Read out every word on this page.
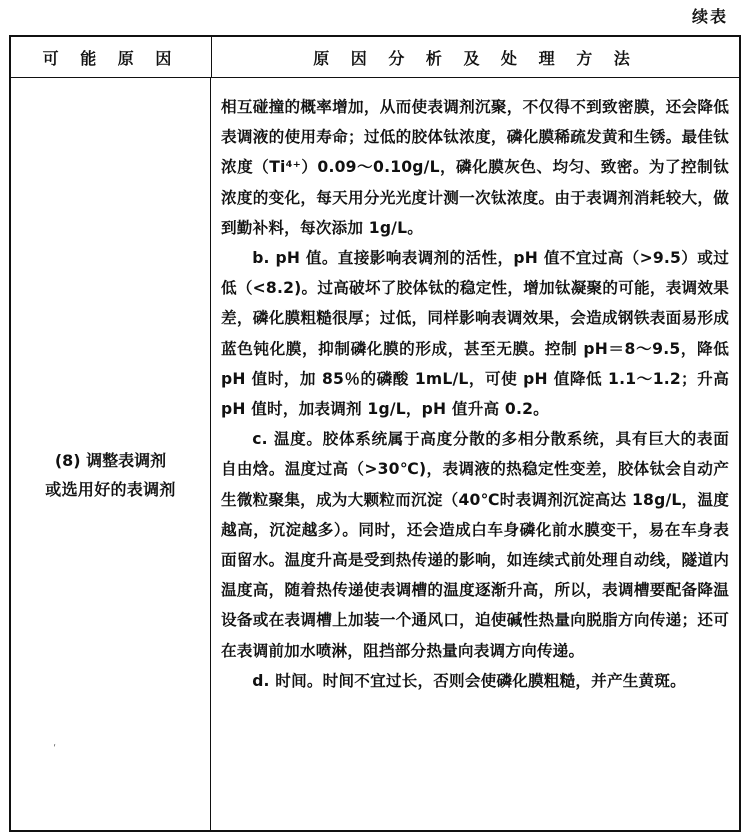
续表
可 能 原 因	原 因 分 析 及 处 理 方 法
(8) 调整表调剂
或选用好的表调剂

相互碰撞的概率增加，从而使表调剂沉聚，不仅得不到致密膜，还会降低表调液的使用寿命；过低的胶体钛浓度，磷化膜稀疏发黄和生锈。最佳钛浓度（Ti⁴⁺）0.09～0.10g/L，磷化膜灰色、均匀、致密。为了控制钛浓度的变化，每天用分光光度计测一次钛浓度。由于表调剂消耗较大，做到勤补料，每次添加 1g/L。

b. pH 值。直接影响表调剂的活性，pH 值不宜过高（>9.5）或过低（<8.2)。过高破坏了胶体钛的稳定性，增加钛凝聚的可能，表调效果差，磷化膜粗糙很厚；过低，同样影响表调效果，会造成钢铁表面易形成蓝色钝化膜，抑制磷化膜的形成，甚至无膜。控制 pH＝8～9.5，降低 pH 值时，加 85％的磷酸 1mL/L，可使 pH 值降低 1.1～1.2；升高 pH 值时，加表调剂 1g/L，pH 值升高 0.2。

c. 温度。胶体系统属于高度分散的多相分散系统，具有巨大的表面自由焓。温度过高（>30℃)，表调液的热稳定性变差，胶体钛会自动产生微粒聚集，成为大颗粒而沉淀（40℃时表调剂沉淀高达 18g/L，温度越高，沉淀越多）。同时，还会造成白车身磷化前水膜变干，易在车身表面留水。温度升高是受到热传递的影响，如连续式前处理自动线，隧道内温度高，随着热传递使表调槽的温度逐渐升高，所以，表调槽要配备降温设备或在表调槽上加装一个通风口，迫使碱性热量向脱脂方向传递；还可在表调前加水喷淋，阻挡部分热量向表调方向传递。

d. 时间。时间不宜过长，否则会使磷化膜粗糙，并产生黄斑。

ˊ
